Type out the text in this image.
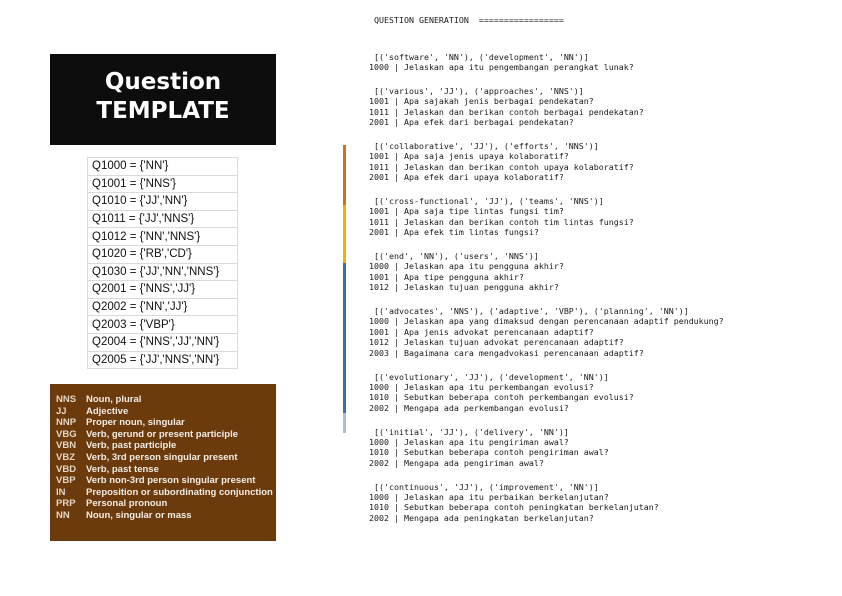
Question
TEMPLATE
Q1000 = {'NN'}
Q1001 = {'NNS'}
Q1010 = {'JJ','NN'}
Q1011 = {'JJ','NNS'}
Q1012 = {'NN','NNS'}
Q1020 = {'RB','CD'}
Q1030 = {'JJ','NN','NNS'}
Q2001 = {'NNS','JJ'}
Q2002 = {'NN','JJ'}
Q2003 = {'VBP'}
Q2004 = {'NNS','JJ','NN'}
Q2005 = {'JJ','NNS','NN'}
NNS Noun, plural
JJ Adjective
NNP Proper noun, singular
VBG Verb, gerund or present participle
VBN Verb, past participle
VBZ Verb, 3rd person singular present
VBD Verb, past tense
VBP Verb non-3rd person singular present
IN Preposition or subordinating conjunction
PRP Personal pronoun
NN Noun, singular or mass
QUESTION GENERATION  =================
[('software', 'NN'), ('development', 'NN')]
1000 | Jelaskan apa itu pengembangan perangkat lunak?
[('various', 'JJ'), ('approaches', 'NNS')]
1001 | Apa sajakah jenis berbagai pendekatan?
1011 | Jelaskan dan berikan contoh berbagai pendekatan?
2001 | Apa efek dari berbagai pendekatan?
[('collaborative', 'JJ'), ('efforts', 'NNS')]
1001 | Apa saja jenis upaya kolaboratif?
1011 | Jelaskan dan berikan contoh upaya kolaboratif?
2001 | Apa efek dari upaya kolaboratif?
[('cross-functional', 'JJ'), ('teams', 'NNS')]
1001 | Apa saja tipe lintas fungsi tim?
1011 | Jelaskan dan berikan contoh tim lintas fungsi?
2001 | Apa efek tim lintas fungsi?
[('end', 'NN'), ('users', 'NNS')]
1000 | Jelaskan apa itu pengguna akhir?
1001 | Apa tipe pengguna akhir?
1012 | Jelaskan tujuan pengguna akhir?
[('advocates', 'NNS'), ('adaptive', 'VBP'), ('planning', 'NN')]
1000 | Jelaskan apa yang dimaksud dengan perencanaan adaptif pendukung?
1001 | Apa jenis advokat perencanaan adaptif?
1012 | Jelaskan tujuan advokat perencanaan adaptif?
2003 | Bagaimana cara mengadvokasi perencanaan adaptif?
[('evolutionary', 'JJ'), ('development', 'NN')]
1000 | Jelaskan apa itu perkembangan evolusi?
1010 | Sebutkan beberapa contoh perkembangan evolusi?
2002 | Mengapa ada perkembangan evolusi?
[('initial', 'JJ'), ('delivery', 'NN')]
1000 | Jelaskan apa itu pengiriman awal?
1010 | Sebutkan beberapa contoh pengiriman awal?
2002 | Mengapa ada pengiriman awal?
[('continuous', 'JJ'), ('improvement', 'NN')]
1000 | Jelaskan apa itu perbaikan berkelanjutan?
1010 | Sebutkan beberapa contoh peningkatan berkelanjutan?
2002 | Mengapa ada peningkatan berkelanjutan?
